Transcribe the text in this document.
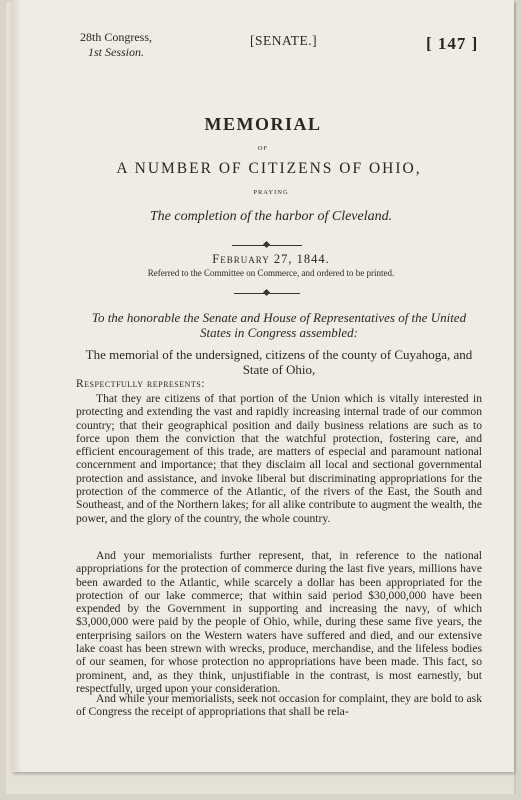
28th Congress,
1st Session.
[SENATE.]	[ 147 ]
MEMORIAL
OF
A NUMBER OF CITIZENS OF OHIO,
PRAYING
The completion of the harbor of Cleveland.
February 27, 1844.
Referred to the Committee on Commerce, and ordered to be printed.
To the honorable the Senate and House of Representatives of the United States in Congress assembled:
The memorial of the undersigned, citizens of the county of Cuyahoga, and State of Ohio,
Respectfully represents:
That they are citizens of that portion of the Union which is vitally interested in protecting and extending the vast and rapidly increasing internal trade of our common country; that their geographical position and daily business relations are such as to force upon them the conviction that the watchful protection, fostering care, and efficient encouragement of this trade, are matters of especial and paramount national concernment and importance; that they disclaim all local and sectional governmental protection and assistance, and invoke liberal but discriminating appropriations for the protection of the commerce of the Atlantic, of the rivers of the East, the South and Southeast, and of the Northern lakes; for all alike contribute to augment the wealth, the power, and the glory of the country, the whole country.
And your memorialists further represent, that, in reference to the national appropriations for the protection of commerce during the last five years, millions have been awarded to the Atlantic, while scarcely a dollar has been appropriated for the protection of our lake commerce; that within said period $30,000,000 have been expended by the Government in supporting and increasing the navy, of which $3,000,000 were paid by the people of Ohio, while, during these same five years, the enterprising sailors on the Western waters have suffered and died, and our extensive lake coast has been strewn with wrecks, produce, merchandise, and the lifeless bodies of our seamen, for whose protection no appropriations have been made. This fact, so prominent, and, as they think, unjustifiable in the contrast, is most earnestly, but respectfully, urged upon your consideration.
And while your memorialists, seek not occasion for complaint, they are bold to ask of Congress the receipt of appropriations that shall be rela-
